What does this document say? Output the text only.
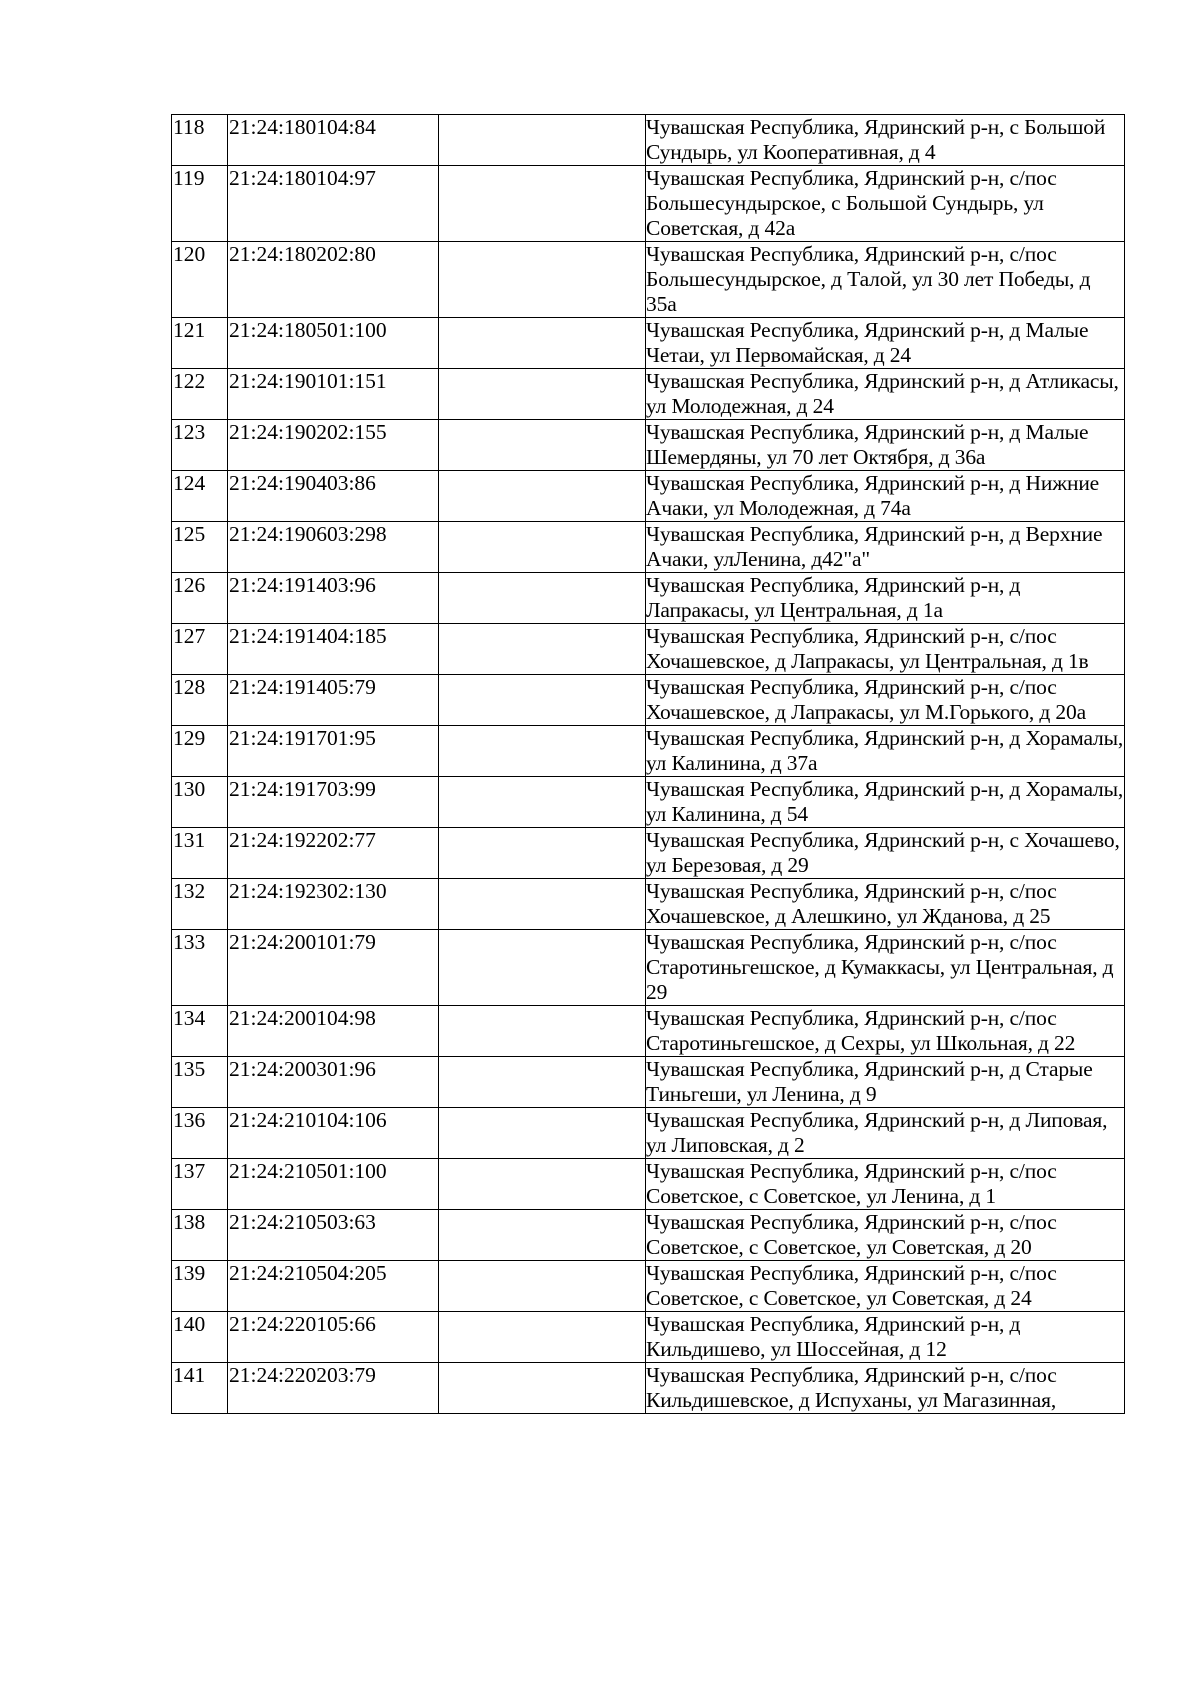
118	21:24:180104:84		Чувашская Республика, Ядринский р-н, с Большой Сундырь, ул Кооперативная, д 4
119	21:24:180104:97		Чувашская Республика, Ядринский р-н, с/пос Большесундырское, с Большой Сундырь, ул Советская, д 42а
120	21:24:180202:80		Чувашская Республика, Ядринский р-н, с/пос Большесундырское, д Талой, ул 30 лет Победы, д 35а
121	21:24:180501:100		Чувашская Республика, Ядринский р-н, д Малые Четаи, ул Первомайская, д 24
122	21:24:190101:151		Чувашская Республика, Ядринский р-н, д Атликасы, ул Молодежная, д 24
123	21:24:190202:155		Чувашская Республика, Ядринский р-н, д Малые Шемердяны, ул 70 лет Октября, д 36а
124	21:24:190403:86		Чувашская Республика, Ядринский р-н, д Нижние Ачаки, ул Молодежная, д 74а
125	21:24:190603:298		Чувашская Республика, Ядринский р-н, д Верхние Ачаки, улЛенина, д42"а"
126	21:24:191403:96		Чувашская Республика, Ядринский р-н, д Лапракасы, ул Центральная, д 1а
127	21:24:191404:185		Чувашская Республика, Ядринский р-н, с/пос Хочашевское, д Лапракасы, ул Центральная, д 1в
128	21:24:191405:79		Чувашская Республика, Ядринский р-н, с/пос Хочашевское, д Лапракасы, ул М.Горького, д 20а
129	21:24:191701:95		Чувашская Республика, Ядринский р-н, д Хорамалы, ул Калинина, д 37а
130	21:24:191703:99		Чувашская Республика, Ядринский р-н, д Хорамалы, ул Калинина, д 54
131	21:24:192202:77		Чувашская Республика, Ядринский р-н, с Хочашево, ул Березовая, д 29
132	21:24:192302:130		Чувашская Республика, Ядринский р-н, с/пос Хочашевское, д Алешкино, ул Жданова, д 25
133	21:24:200101:79		Чувашская Республика, Ядринский р-н, с/пос Старотиньгешское, д Кумаккасы, ул Центральная, д 29
134	21:24:200104:98		Чувашская Республика, Ядринский р-н, с/пос Старотиньгешское, д Сехры, ул Школьная, д 22
135	21:24:200301:96		Чувашская Республика, Ядринский р-н, д Старые Тиньгеши, ул Ленина, д 9
136	21:24:210104:106		Чувашская Республика, Ядринский р-н, д Липовая, ул Липовская, д 2
137	21:24:210501:100		Чувашская Республика, Ядринский р-н, с/пос Советское, с Советское, ул Ленина, д 1
138	21:24:210503:63		Чувашская Республика, Ядринский р-н, с/пос Советское, с Советское, ул Советская, д 20
139	21:24:210504:205		Чувашская Республика, Ядринский р-н, с/пос Советское, с Советское, ул Советская, д 24
140	21:24:220105:66		Чувашская Республика, Ядринский р-н, д Кильдишево, ул Шоссейная, д 12
141	21:24:220203:79		Чувашская Республика, Ядринский р-н, с/пос Кильдишевское, д Испуханы, ул Магазинная,
